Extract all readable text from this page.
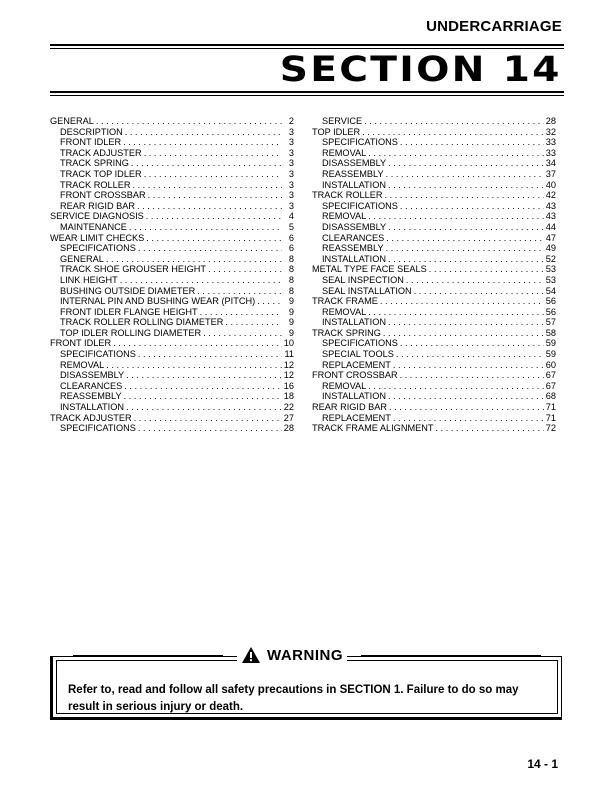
UNDERCARRIAGE
SECTION 14
GENERAL . . .	2
DESCRIPTION . . .	3
FRONT IDLER . . .	3
TRACK ADJUSTER . . .	3
TRACK SPRING . . .	3
TRACK TOP IDLER . . .	3
TRACK ROLLER . . .	3
FRONT CROSSBAR . . .	3
REAR RIGID BAR . . .	3
SERVICE DIAGNOSIS . . .	4
MAINTENANCE . . .	5
WEAR LIMIT CHECKS . . .	6
SPECIFICATIONS . . .	6
GENERAL . . .	8
TRACK SHOE GROUSER HEIGHT . . .	8
LINK HEIGHT . . .	8
BUSHING OUTSIDE DIAMETER . . .	8
INTERNAL PIN AND BUSHING WEAR (PITCH) . . .	9
FRONT IDLER FLANGE HEIGHT . . .	9
TRACK ROLLER ROLLING DIAMETER . . .	9
TOP IDLER ROLLING DIAMETER . . .	9
FRONT IDLER . . .	10
SPECIFICATIONS . . .	11
REMOVAL . . .	12
DISASSEMBLY . . .	12
CLEARANCES . . .	16
REASSEMBLY . . .	18
INSTALLATION . . .	22
TRACK ADJUSTER . . .	27
SPECIFICATIONS . . .	28
SERVICE . . .	28
TOP IDLER . . .	32
SPECIFICATIONS . . .	33
REMOVAL . . .	33
DISASSEMBLY . . .	34
REASSEMBLY . . .	37
INSTALLATION . . .	40
TRACK ROLLER . . .	42
SPECIFICATIONS . . .	43
REMOVAL . . .	43
DISASSEMBLY . . .	44
CLEARANCES . . .	47
REASSEMBLY . . .	49
INSTALLATION . . .	52
METAL TYPE FACE SEALS . . .	53
SEAL INSPECTION . . .	53
SEAL INSTALLATION . . .	54
TRACK FRAME . . .	56
REMOVAL . . .	56
INSTALLATION . . .	57
TRACK SPRING . . .	58
SPECIFICATIONS . . .	59
SPECIAL TOOLS . . .	59
REPLACEMENT . . .	60
FRONT CROSSBAR . . .	67
REMOVAL . . .	67
INSTALLATION . . .	68
REAR RIGID BAR . . .	71
REPLACEMENT . . .	71
TRACK FRAME ALIGNMENT . . .	72
WARNING
Refer to, read and follow all safety precautions in SECTION 1. Failure to do so may result in serious injury or death.
14 - 1
